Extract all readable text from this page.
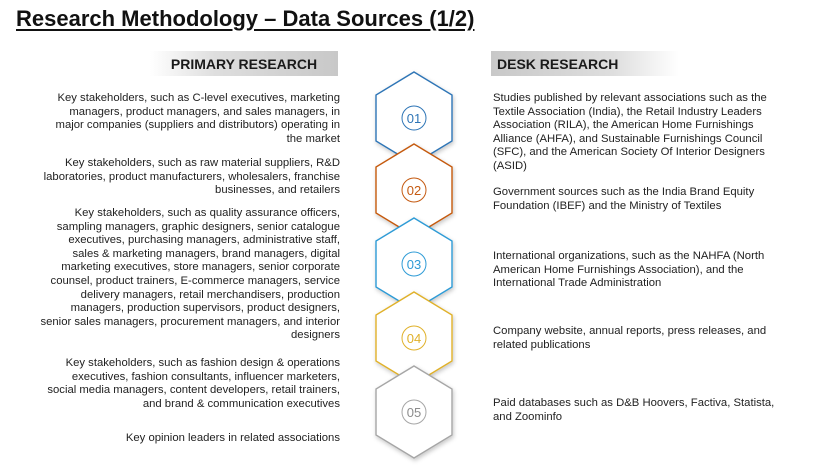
Research Methodology – Data Sources (1/2)
PRIMARY RESEARCH	DESK RESEARCH
Key stakeholders, such as C-level executives, marketing managers, product managers, and sales managers, in major companies (suppliers and distributors) operating in the market
Key stakeholders, such as raw material suppliers, R&D laboratories, product manufacturers, wholesalers, franchise businesses, and retailers
Key stakeholders, such as quality assurance officers, sampling managers, graphic designers, senior catalogue executives, purchasing managers, administrative staff, sales & marketing managers, brand managers, digital marketing executives, store managers, senior corporate counsel, product trainers, E-commerce managers, service delivery managers, retail merchandisers, production managers, production supervisors, product designers, senior sales managers, procurement managers, and interior designers
Key stakeholders, such as fashion design & operations executives, fashion consultants, influencer marketers, social media managers, content developers, retail trainers, and brand & communication executives
Key opinion leaders in related associations
Studies published by relevant associations such as the Textile Association (India), the Retail Industry Leaders Association (RILA), the American Home Furnishings Alliance (AHFA), and Sustainable Furnishings Council (SFC), and the American Society Of Interior Designers (ASID)
Government sources such as the India Brand Equity Foundation (IBEF) and the Ministry of Textiles
International organizations, such as the NAHFA (North American Home Furnishings Association), and the International Trade Administration
Company website, annual reports, press releases, and related publications
Paid databases such as D&B Hoovers, Factiva, Statista, and Zoominfo
01
02
03
04
05
